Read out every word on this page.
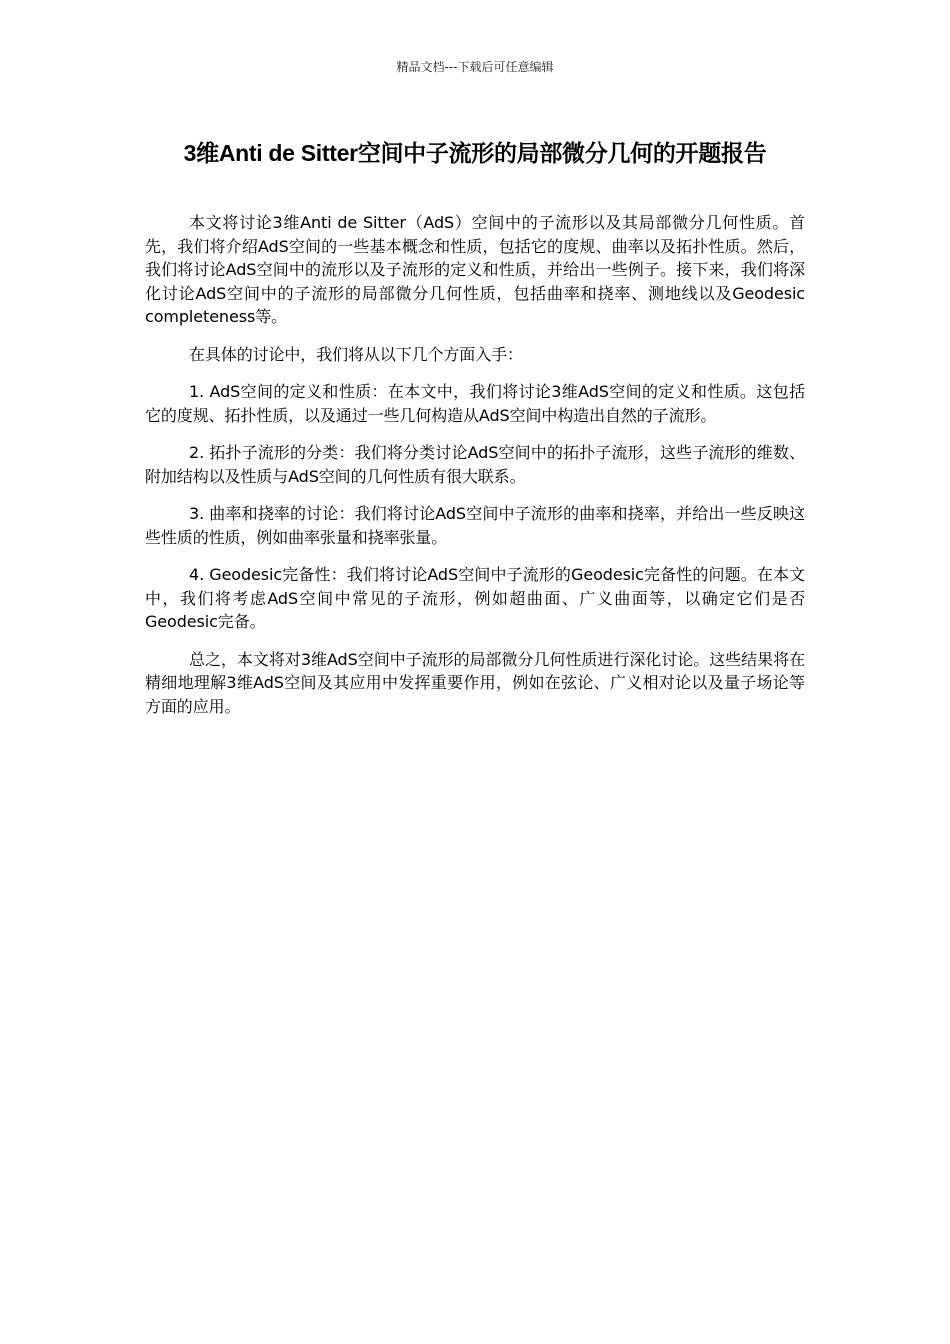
精品文档---下载后可任意编辑
3维Anti de Sitter空间中子流形的局部微分几何的开题报告

本文将讨论3维Anti de Sitter（AdS）空间中的子流形以及其局部微分几何性质。首先，我们将介绍AdS空间的一些基本概念和性质，包括它的度规、曲率以及拓扑性质。然后，我们将讨论AdS空间中的流形以及子流形的定义和性质，并给出一些例子。接下来，我们将深化讨论AdS空间中的子流形的局部微分几何性质，包括曲率和挠率、测地线以及Geodesic completeness等。

在具体的讨论中，我们将从以下几个方面入手：

1. AdS空间的定义和性质：在本文中，我们将讨论3维AdS空间的定义和性质。这包括它的度规、拓扑性质，以及通过一些几何构造从AdS空间中构造出自然的子流形。

2. 拓扑子流形的分类：我们将分类讨论AdS空间中的拓扑子流形，这些子流形的维数、附加结构以及性质与AdS空间的几何性质有很大联系。

3. 曲率和挠率的讨论：我们将讨论AdS空间中子流形的曲率和挠率，并给出一些反映这些性质的性质，例如曲率张量和挠率张量。

4. Geodesic完备性：我们将讨论AdS空间中子流形的Geodesic完备性的问题。在本文中，我们将考虑AdS空间中常见的子流形，例如超曲面、广义曲面等，以确定它们是否Geodesic完备。

总之，本文将对3维AdS空间中子流形的局部微分几何性质进行深化讨论。这些结果将在精细地理解3维AdS空间及其应用中发挥重要作用，例如在弦论、广义相对论以及量子场论等方面的应用。
